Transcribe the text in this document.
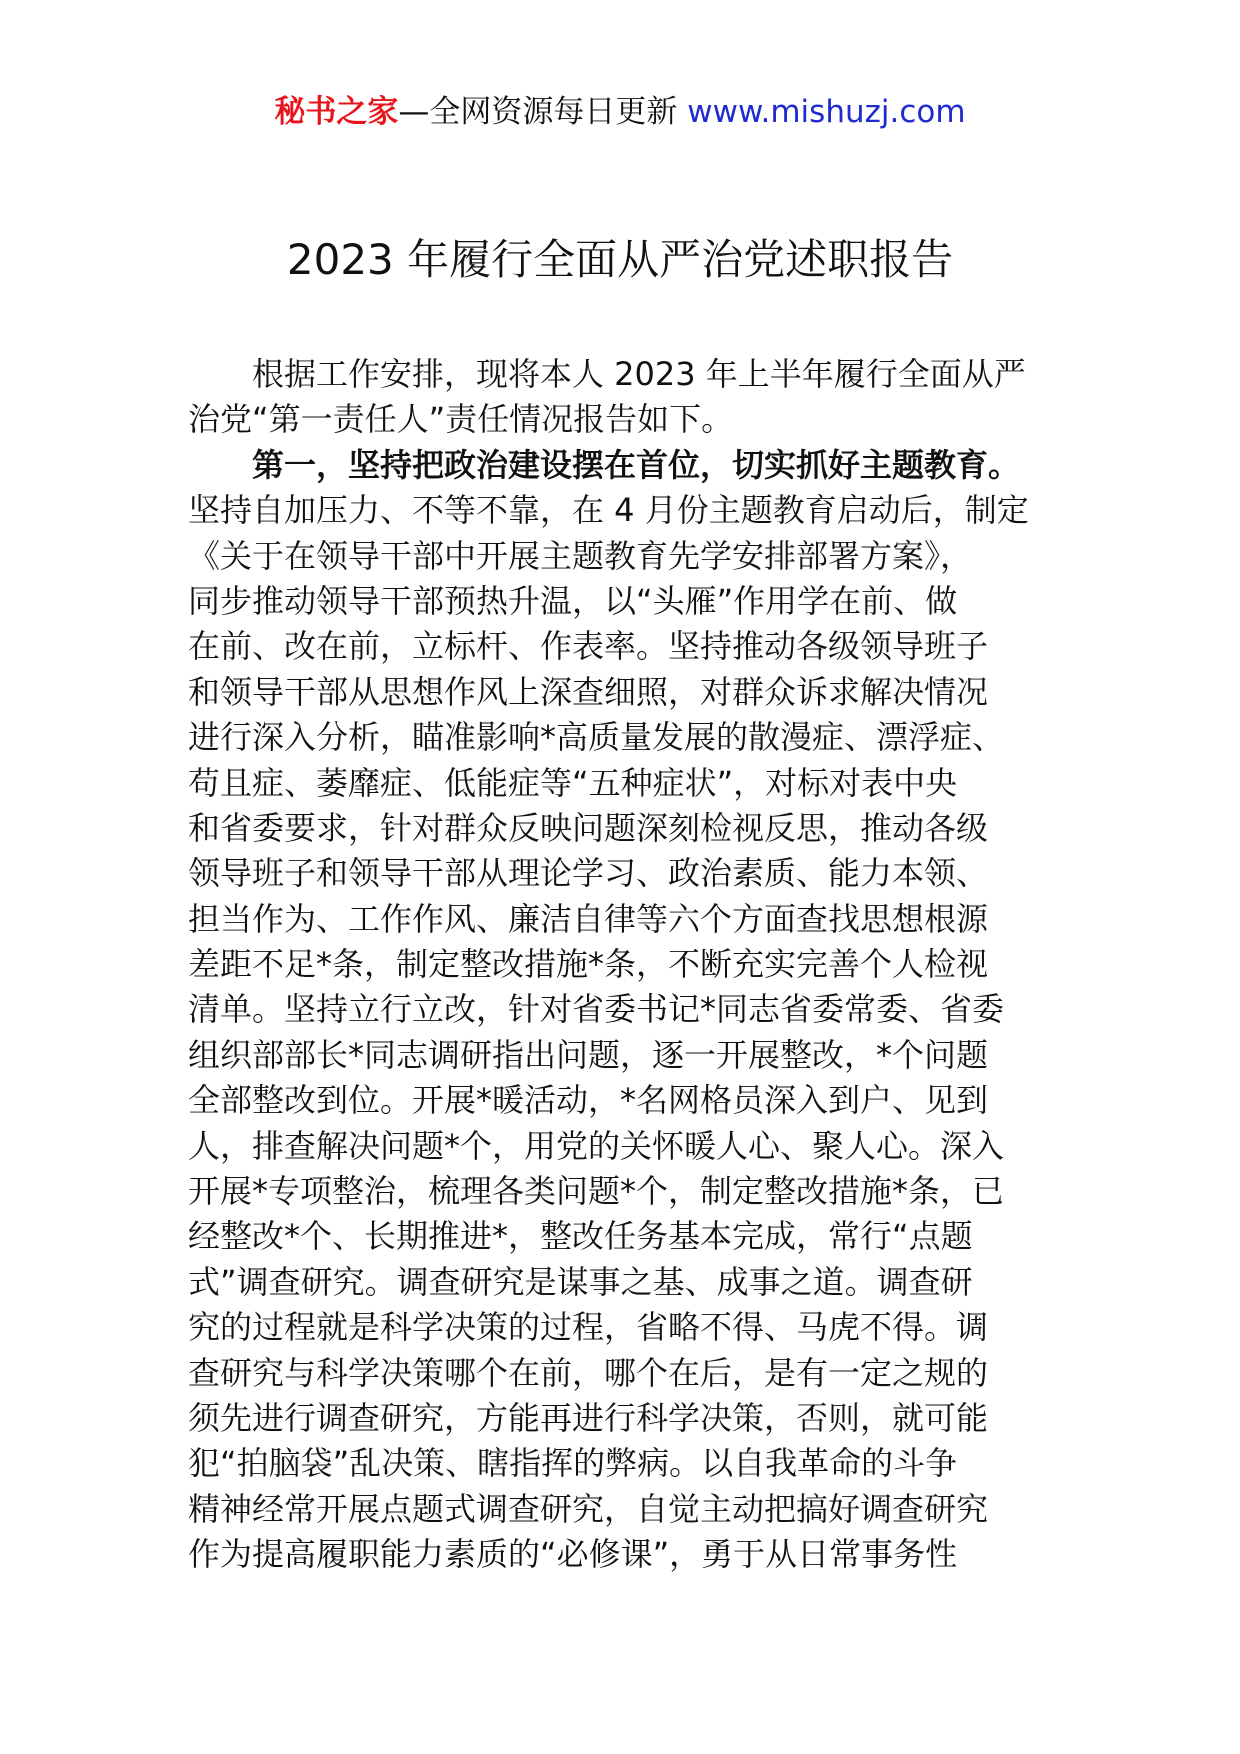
秘书之家—全网资源每日更新 www.mishuzj.com
2023 年履行全面从严治党述职报告
根据工作安排，现将本人 2023 年上半年履行全面从严
治党“第一责任人”责任情况报告如下。
第一，坚持把政治建设摆在首位，切实抓好主题教育。
坚持自加压力、不等不靠，在 4 月份主题教育启动后，制定
《关于在领导干部中开展主题教育先学安排部署方案》，
同步推动领导干部预热升温，以“头雁”作用学在前、做
在前、改在前，立标杆、作表率。坚持推动各级领导班子
和领导干部从思想作风上深查细照，对群众诉求解决情况
进行深入分析，瞄准影响*高质量发展的散漫症、漂浮症、
苟且症、萎靡症、低能症等“五种症状”，对标对表中央
和省委要求，针对群众反映问题深刻检视反思，推动各级
领导班子和领导干部从理论学习、政治素质、能力本领、
担当作为、工作作风、廉洁自律等六个方面查找思想根源
差距不足*条，制定整改措施*条，不断充实完善个人检视
清单。坚持立行立改，针对省委书记*同志省委常委、省委
组织部部长*同志调研指出问题，逐一开展整改，*个问题
全部整改到位。开展*暖活动，*名网格员深入到户、见到
人，排查解决问题*个，用党的关怀暖人心、聚人心。深入
开展*专项整治，梳理各类问题*个，制定整改措施*条，已
经整改*个、长期推进*，整改任务基本完成，常行“点题
式”调查研究。调查研究是谋事之基、成事之道。调查研
究的过程就是科学决策的过程，省略不得、马虎不得。调
查研究与科学决策哪个在前，哪个在后，是有一定之规的
须先进行调查研究，方能再进行科学决策，否则，就可能
犯“拍脑袋”乱决策、瞎指挥的弊病。以自我革命的斗争
精神经常开展点题式调查研究，自觉主动把搞好调查研究
作为提高履职能力素质的“必修课”，勇于从日常事务性
